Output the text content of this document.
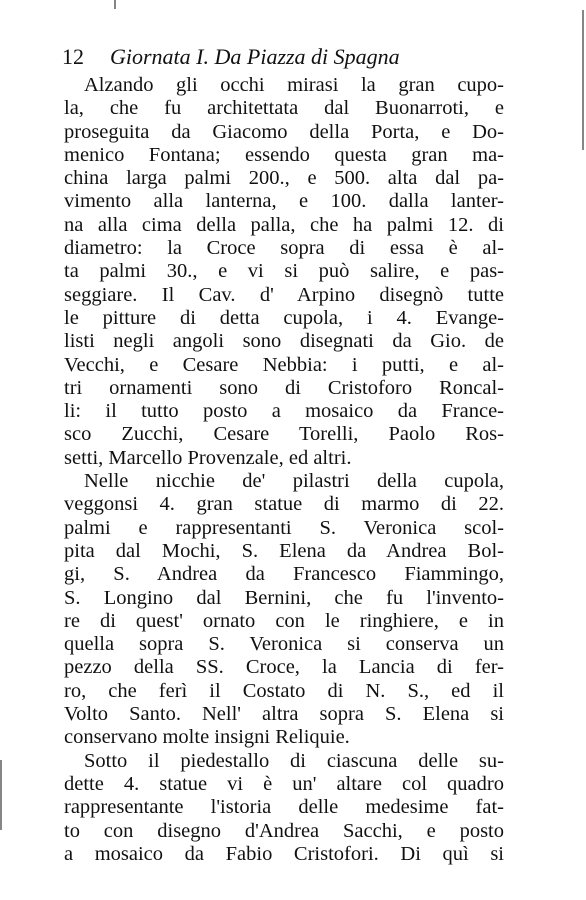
12 Giornata I. Da Piazza di Spagna
Alzando gli occhi mirasi la gran cupo-
la, che fu architettata dal Buonarroti, e
proseguita da Giacomo della Porta, e Do-
menico Fontana; essendo questa gran ma-
china larga palmi 200., e 500. alta dal pa-
vimento alla lanterna, e 100. dalla lanter-
na alla cima della palla, che ha palmi 12. di
diametro: la Croce sopra di essa è al-
ta palmi 30., e vi si può salire, e pas-
seggiare. Il Cav. d' Arpino disegnò tutte
le pitture di detta cupola, i 4. Evange-
listi negli angoli sono disegnati da Gio. de
Vecchi, e Cesare Nebbia: i putti, e al-
tri ornamenti sono di Cristoforo Roncal-
li: il tutto posto a mosaico da France-
sco Zucchi, Cesare Torelli, Paolo Ros-
setti, Marcello Provenzale, ed altri.
Nelle nicchie de' pilastri della cupola,
veggonsi 4. gran statue di marmo di 22.
palmi e rappresentanti S. Veronica scol-
pita dal Mochi, S. Elena da Andrea Bol-
gi, S. Andrea da Francesco Fiammingo,
S. Longino dal Bernini, che fu l'invento-
re di quest' ornato con le ringhiere, e in
quella sopra S. Veronica si conserva un
pezzo della SS. Croce, la Lancia di fer-
ro, che ferì il Costato di N. S., ed il
Volto Santo. Nell' altra sopra S. Elena si
conservano molte insigni Reliquie.
Sotto il piedestallo di ciascuna delle su-
dette 4. statue vi è un' altare col quadro
rappresentante l'istoria delle medesime fat-
to con disegno d'Andrea Sacchi, e posto
a mosaico da Fabio Cristofori. Di quì si
